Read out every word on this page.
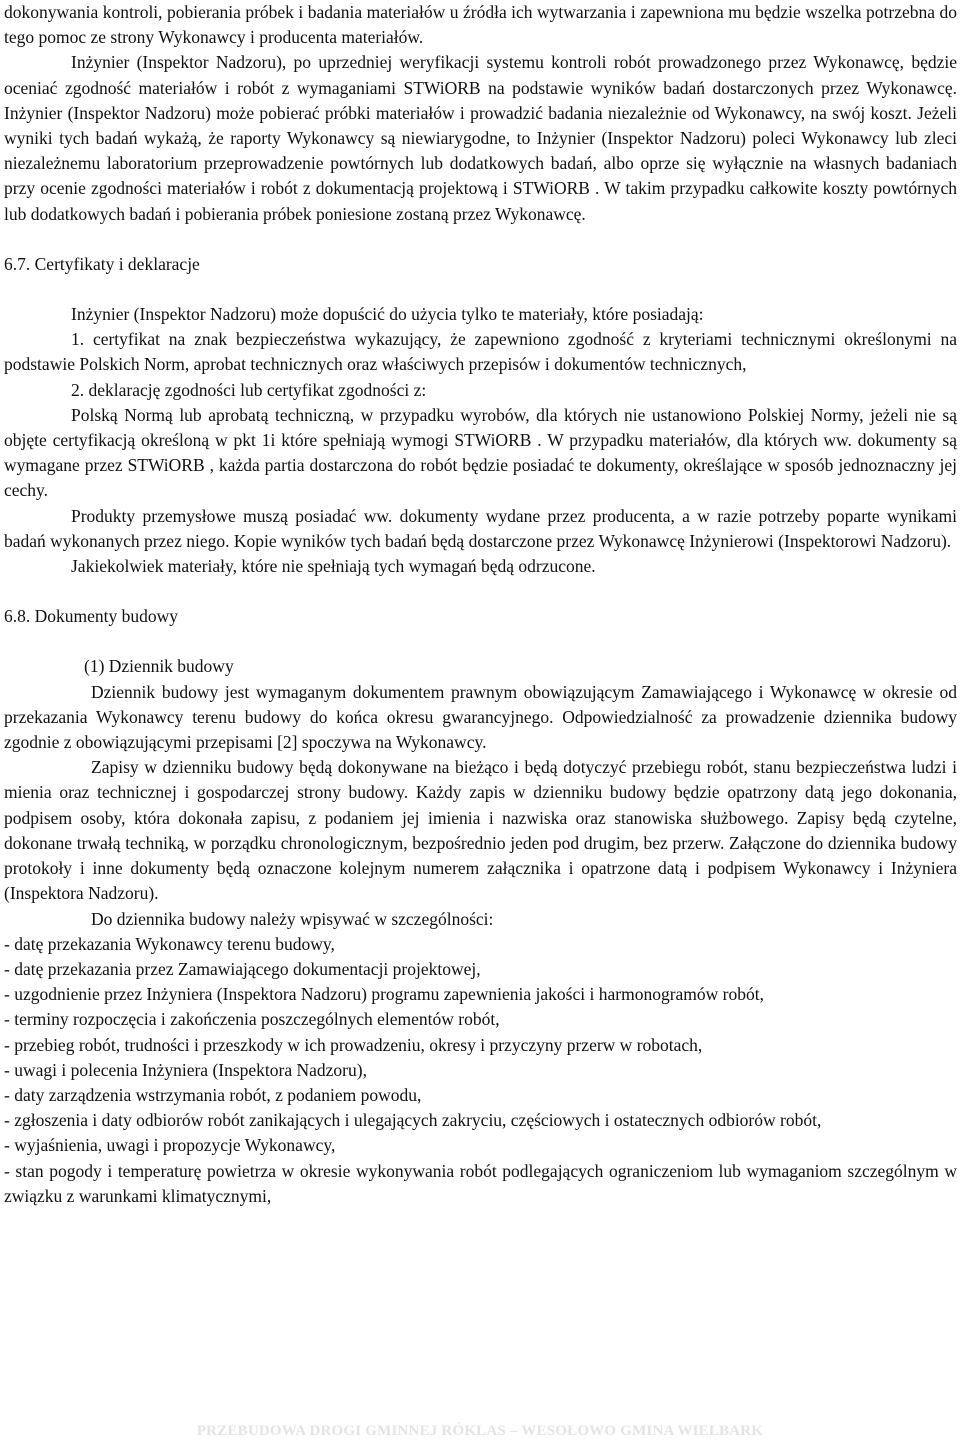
dokonywania kontroli, pobierania próbek i badania materiałów u źródła ich wytwarzania i zapewniona mu będzie wszelka potrzebna do tego pomoc ze strony Wykonawcy i producenta materiałów.

Inżynier (Inspektor Nadzoru), po uprzedniej weryfikacji systemu kontroli robót prowadzonego przez Wykonawcę, będzie oceniać zgodność materiałów i robót z wymaganiami STWiORB na podstawie wyników badań dostarczonych przez Wykonawcę. Inżynier (Inspektor Nadzoru) może pobierać próbki materiałów i prowadzić badania niezależnie od Wykonawcy, na swój koszt. Jeżeli wyniki tych badań wykażą, że raporty Wykonawcy są niewiarygodne, to Inżynier (Inspektor Nadzoru) poleci Wykonawcy lub zleci niezależnemu laboratorium przeprowadzenie powtórnych lub dodatkowych badań, albo oprze się wyłącznie na własnych badaniach przy ocenie zgodności materiałów i robót z dokumentacją projektową i STWiORB . W takim przypadku całkowite koszty powtórnych lub dodatkowych badań i pobierania próbek poniesione zostaną przez Wykonawcę.

6.7. Certyfikaty i deklaracje

Inżynier (Inspektor Nadzoru) może dopuścić do użycia tylko te materiały, które posiadają:

1. certyfikat na znak bezpieczeństwa wykazujący, że zapewniono zgodność z kryteriami technicznymi określonymi na podstawie Polskich Norm, aprobat technicznych oraz właściwych przepisów i dokumentów technicznych,

2. deklarację zgodności lub certyfikat zgodności z:

Polską Normą lub aprobatą techniczną, w przypadku wyrobów, dla których nie ustanowiono Polskiej Normy, jeżeli nie są objęte certyfikacją określoną w pkt 1i które spełniają wymogi STWiORB . W przypadku materiałów, dla których ww. dokumenty są wymagane przez STWiORB , każda partia dostarczona do robót będzie posiadać te dokumenty, określające w sposób jednoznaczny jej cechy.

Produkty przemysłowe muszą posiadać ww. dokumenty wydane przez producenta, a w razie potrzeby poparte wynikami badań wykonanych przez niego. Kopie wyników tych badań będą dostarczone przez Wykonawcę Inżynierowi (Inspektorowi Nadzoru).

Jakiekolwiek materiały, które nie spełniają tych wymagań będą odrzucone.

6.8. Dokumenty budowy

(1) Dziennik budowy

Dziennik budowy jest wymaganym dokumentem prawnym obowiązującym Zamawiającego i Wykonawcę w okresie od przekazania Wykonawcy terenu budowy do końca okresu gwarancyjnego. Odpowiedzialność za prowadzenie dziennika budowy zgodnie z obowiązującymi przepisami [2] spoczywa na Wykonawcy.

Zapisy w dzienniku budowy będą dokonywane na bieżąco i będą dotyczyć przebiegu robót, stanu bezpieczeństwa ludzi i mienia oraz technicznej i gospodarczej strony budowy. Każdy zapis w dzienniku budowy będzie opatrzony datą jego dokonania, podpisem osoby, która dokonała zapisu, z podaniem jej imienia i nazwiska oraz stanowiska służbowego. Zapisy będą czytelne, dokonane trwałą techniką, w porządku chronologicznym, bezpośrednio jeden pod drugim, bez przerw. Załączone do dziennika budowy protokoły i inne dokumenty będą oznaczone kolejnym numerem załącznika i opatrzone datą i podpisem Wykonawcy i Inżyniera (Inspektora Nadzoru).

Do dziennika budowy należy wpisywać w szczególności:

- datę przekazania Wykonawcy terenu budowy,
- datę przekazania przez Zamawiającego dokumentacji projektowej,
- uzgodnienie przez Inżyniera (Inspektora Nadzoru) programu zapewnienia jakości i harmonogramów robót,
- terminy rozpoczęcia i zakończenia poszczególnych elementów robót,
- przebieg robót, trudności i przeszkody w ich prowadzeniu, okresy i przyczyny przerw w robotach,
- uwagi i polecenia Inżyniera (Inspektora Nadzoru),
- daty zarządzenia wstrzymania robót, z podaniem powodu,
- zgłoszenia i daty odbiorów robót zanikających i ulegających zakryciu, częściowych i ostatecznych odbiorów robót,
- wyjaśnienia, uwagi i propozycje Wykonawcy,
- stan pogody i temperaturę powietrza w okresie wykonywania robót podlegających ograniczeniom lub wymaganiom szczególnym w związku z warunkami klimatycznymi,
PRZEBUDOWA DROGI GMINNEJ RÓKLAS – WESOŁOWO GMINA WIELBARK
